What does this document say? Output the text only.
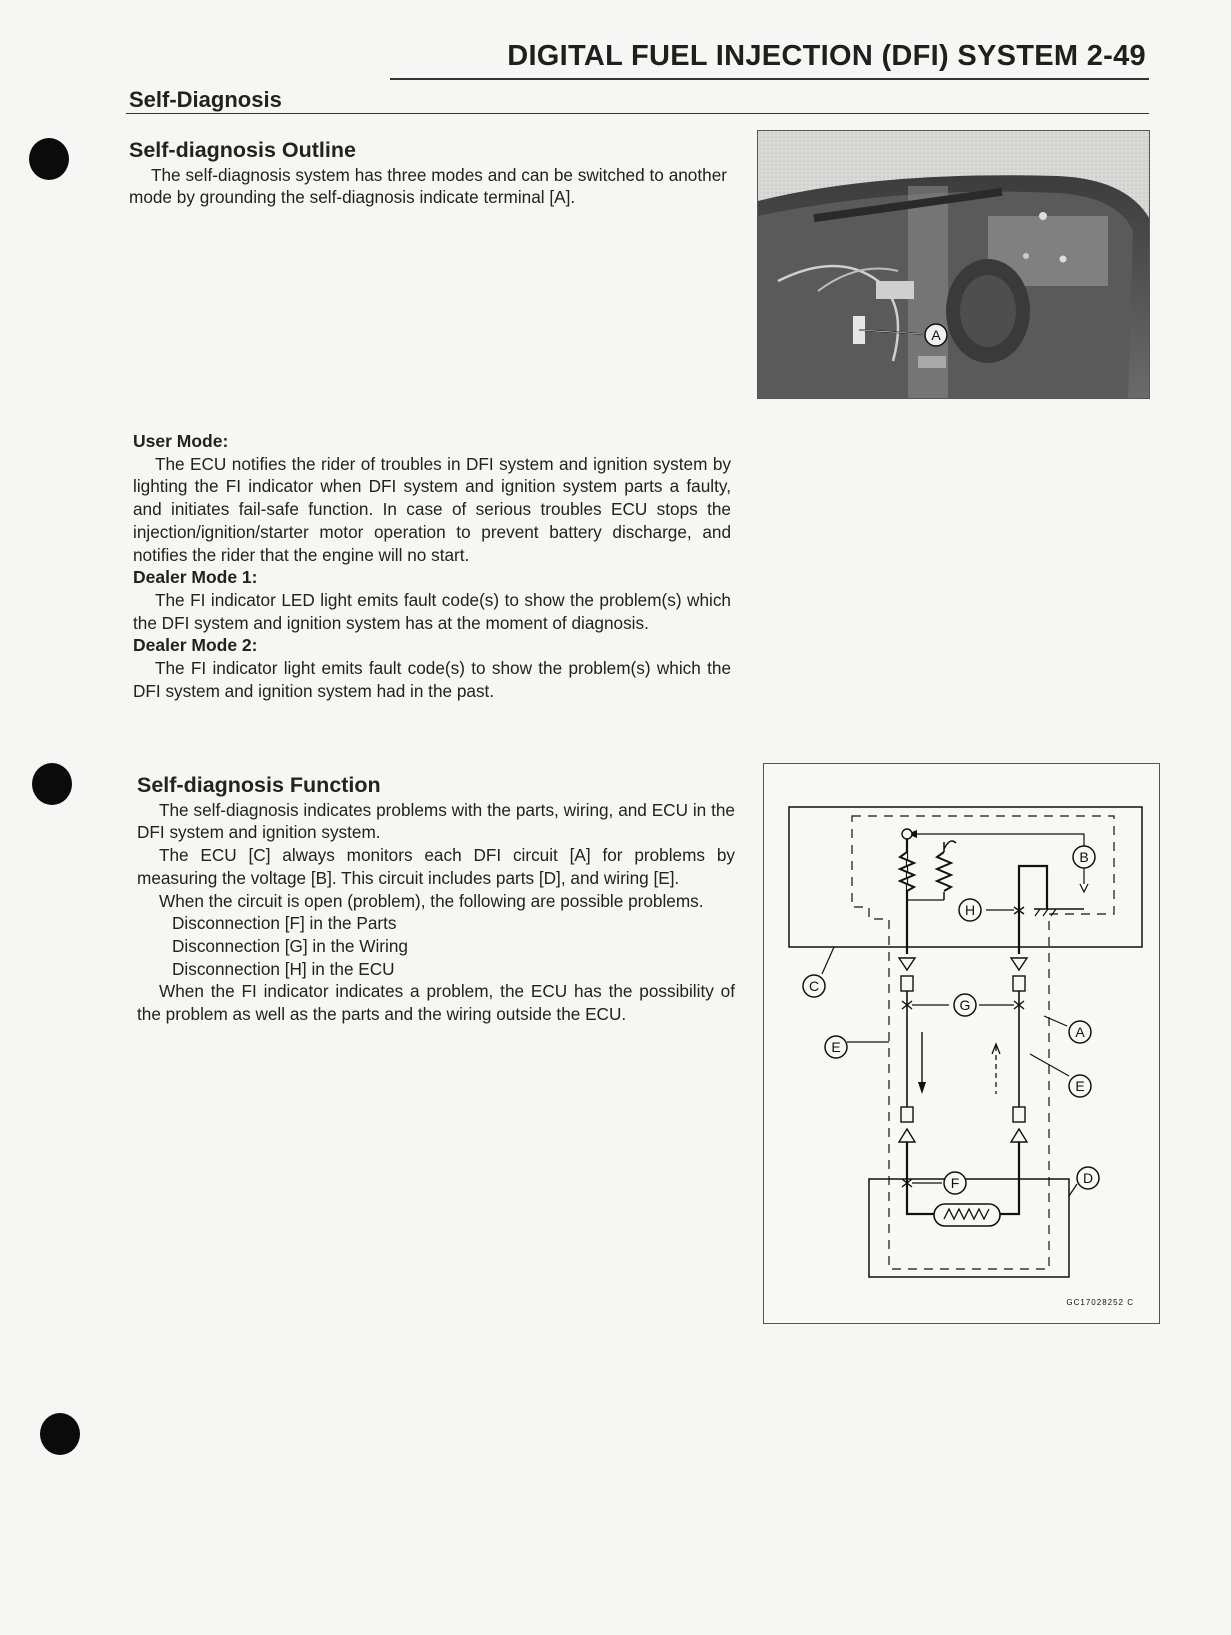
DIGITAL FUEL INJECTION (DFI) SYSTEM 2-49
Self-Diagnosis
Self-diagnosis Outline

The self-diagnosis system has three modes and can be switched to another mode by grounding the self-diagnosis indicate terminal [A].

User Mode:

The ECU notifies the rider of troubles in DFI system and ignition system by lighting the FI indicator when DFI system and ignition system parts a faulty, and initiates fail-safe function. In case of serious troubles ECU stops the injection/ignition/starter motor operation to prevent battery discharge, and notifies the rider that the engine will no start.

Dealer Mode 1:

The FI indicator LED light emits fault code(s) to show the problem(s) which the DFI system and ignition system has at the moment of diagnosis.

Dealer Mode 2:

The FI indicator light emits fault code(s) to show the problem(s) which the DFI system and ignition system had in the past.

Self-diagnosis Function

The self-diagnosis indicates problems with the parts, wiring, and ECU in the DFI system and ignition system.

The ECU [C] always monitors each DFI circuit [A] for problems by measuring the voltage [B]. This circuit includes parts [D], and wiring [E].

When the circuit is open (problem), the following are possible problems.

Disconnection [F] in the Parts

Disconnection [G] in the Wiring

Disconnection [H] in the ECU

When the FI indicator indicates a problem, the ECU has the possibility of the problem as well as the parts and the wiring outside the ECU.

A
B
H
C
G
A
E
E
F	D
GC17028252 C
